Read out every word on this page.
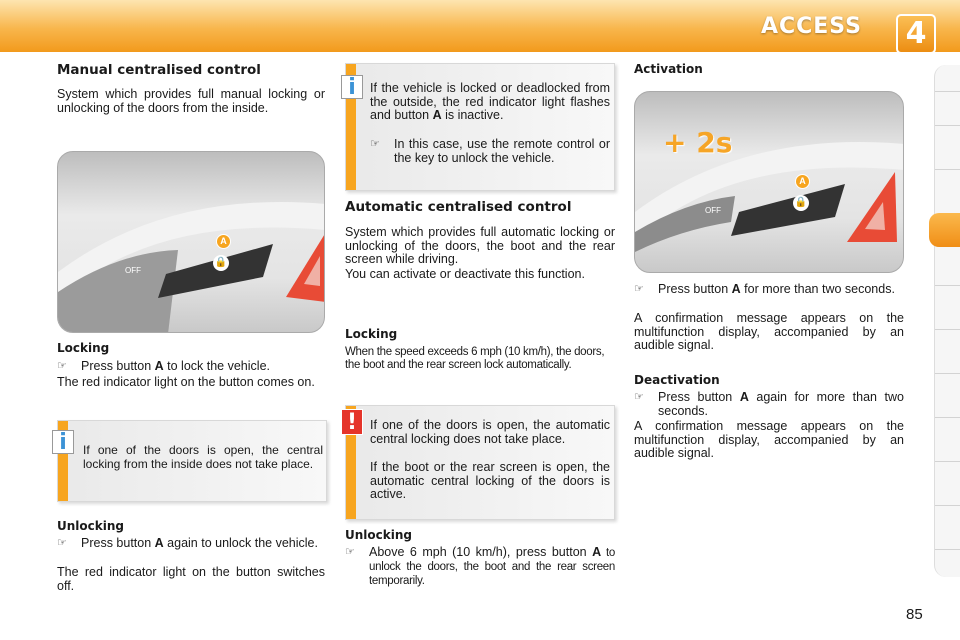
ACCESS	4
Manual centralised control
System which provides full manual locking or unlocking of the doors from the inside.
OFF
🔒
A
Locking
☞ Press button A to lock the vehicle.
The red indicator light on the button comes on.
If one of the doors is open, the central locking from the inside does not take place.
i
Unlocking
☞ Press button A again to unlock the vehicle.
The red indicator light on the button switches off.
If the vehicle is locked or deadlocked from the outside, the red indicator light flashes and button A is inactive.
☞ In this case, use the remote control or the key to unlock the vehicle.
i
Automatic centralised control
System which provides full automatic locking or unlocking of the doors, the boot and the rear screen while driving.
You can activate or deactivate this function.
Locking
When the speed exceeds 6 mph (10 km/h), the doors, the boot and the rear screen lock automatically.
If one of the doors is open, the automatic central locking does not take place.
If the boot or the rear screen is open, the automatic central locking of the doors is active.
!
Unlocking
☞ Above 6 mph (10 km/h), press button A to unlock the doors, the boot and the rear screen temporarily.
Activation
+ 2s
OFF
🔒
A
☞ Press button A for more than two seconds.
A confirmation message appears on the multifunction display, accompanied by an audible signal.
Deactivation
☞ Press button A again for more than two seconds.
A confirmation message appears on the multifunction display, accompanied by an audible signal.
85
